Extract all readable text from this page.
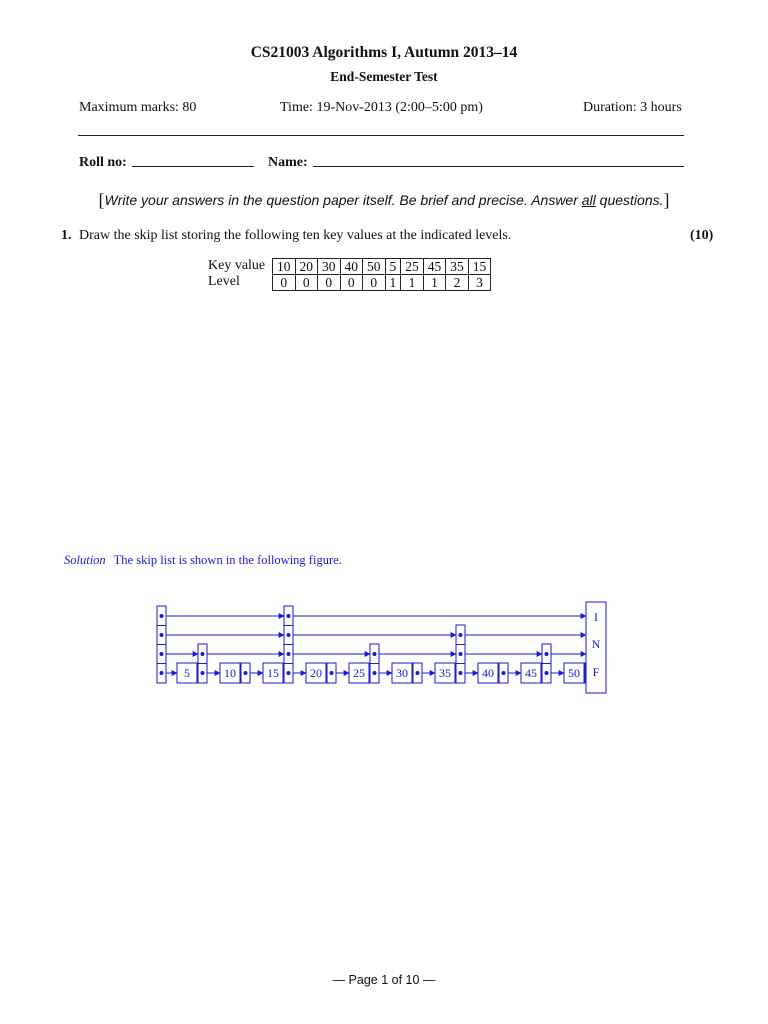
CS21003 Algorithms I, Autumn 2013–14
End-Semester Test
Maximum marks: 80	Time: 19-Nov-2013 (2:00–5:00 pm)	Duration: 3 hours
Roll no:	Name:
[Write your answers in the question paper itself. Be brief and precise. Answer all questions.]
1. Draw the skip list storing the following ten key values at the indicated levels.	(10)
Key value
Level
10	20	30	40	50	5	25	45	35	15
0	0	0	0	0	1	1	1	2	3
Solution The skip list is shown in the following figure.
5	10	15	20	25	30	35	40	45	50
I
N
F
— Page 1 of 10 —
